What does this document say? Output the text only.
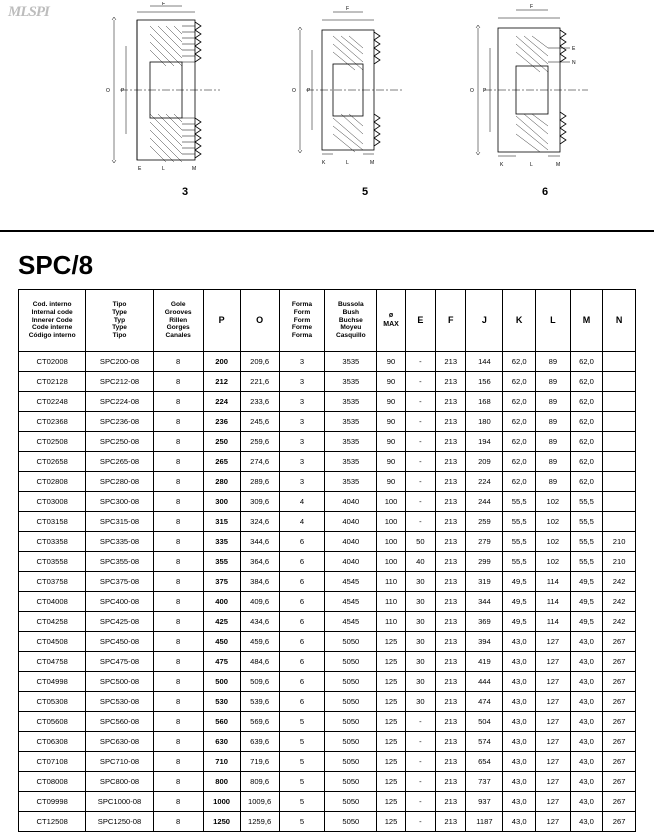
MLSPI	F
O P
E	L	M
3
F
O P
K	L	M
5
F
O P
E
N
K	L	M
6
SPC/8
Cod. interno
Internal code
Innerer Code
Code interne
Código interno	Tipo
Type
Typ
Type
Tipo	Gole
Grooves
Rillen
Gorges
Canales	P	O	Forma
Form
Form
Forme
Forma	Bussola
Bush
Buchse
Moyeu
Casquillo	ø
MAX	E	F	J	K	L	M	N
CT02008	SPC200-08	8	200	209,6	3	3535	90	-	213	144	62,0	89	62,0	
CT02128	SPC212-08	8	212	221,6	3	3535	90	-	213	156	62,0	89	62,0	
CT02248	SPC224-08	8	224	233,6	3	3535	90	-	213	168	62,0	89	62,0	
CT02368	SPC236-08	8	236	245,6	3	3535	90	-	213	180	62,0	89	62,0	
CT02508	SPC250-08	8	250	259,6	3	3535	90	-	213	194	62,0	89	62,0	
CT02658	SPC265-08	8	265	274,6	3	3535	90	-	213	209	62,0	89	62,0	
CT02808	SPC280-08	8	280	289,6	3	3535	90	-	213	224	62,0	89	62,0	
CT03008	SPC300-08	8	300	309,6	4	4040	100	-	213	244	55,5	102	55,5	
CT03158	SPC315-08	8	315	324,6	4	4040	100	-	213	259	55,5	102	55,5	
CT03358	SPC335-08	8	335	344,6	6	4040	100	50	213	279	55,5	102	55,5	210
CT03558	SPC355-08	8	355	364,6	6	4040	100	40	213	299	55,5	102	55,5	210
CT03758	SPC375-08	8	375	384,6	6	4545	110	30	213	319	49,5	114	49,5	242
CT04008	SPC400-08	8	400	409,6	6	4545	110	30	213	344	49,5	114	49,5	242
CT04258	SPC425-08	8	425	434,6	6	4545	110	30	213	369	49,5	114	49,5	242
CT04508	SPC450-08	8	450	459,6	6	5050	125	30	213	394	43,0	127	43,0	267
CT04758	SPC475-08	8	475	484,6	6	5050	125	30	213	419	43,0	127	43,0	267
CT04998	SPC500-08	8	500	509,6	6	5050	125	30	213	444	43,0	127	43,0	267
CT05308	SPC530-08	8	530	539,6	6	5050	125	30	213	474	43,0	127	43,0	267
CT05608	SPC560-08	8	560	569,6	5	5050	125	-	213	504	43,0	127	43,0	267
CT06308	SPC630-08	8	630	639,6	5	5050	125	-	213	574	43,0	127	43,0	267
CT07108	SPC710-08	8	710	719,6	5	5050	125	-	213	654	43,0	127	43,0	267
CT08008	SPC800-08	8	800	809,6	5	5050	125	-	213	737	43,0	127	43,0	267
CT09998	SPC1000-08	8	1000	1009,6	5	5050	125	-	213	937	43,0	127	43,0	267
CT12508	SPC1250-08	8	1250	1259,6	5	5050	125	-	213	1187	43,0	127	43,0	267
